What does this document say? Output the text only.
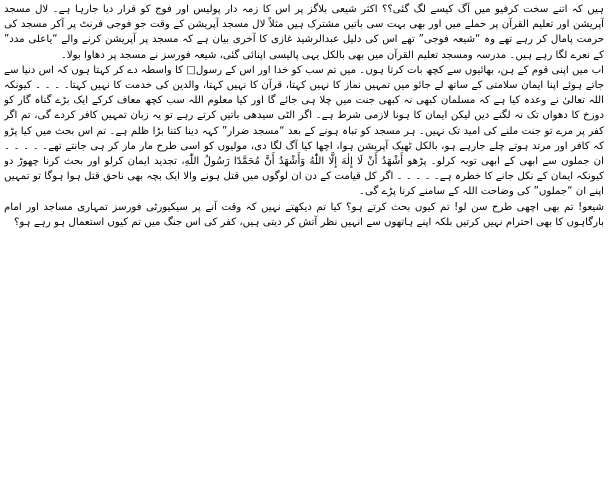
ہیں کہ اتنے سخت کرفیو میں آگ کیسے لگ گئی؟؟ اکثر شیعی بلاگز پر اس کا زمہ دار پولیس اور فوج کو قرار دیا جارہا ہے۔ لال مسجد آپریشن اور تعلیم القرآن پر حملے میں اور بھی بہت سی باتیں مشترک ہیں مثلاً لال مسجد آپریشن کے وقت جو فوجی فرنٹ پر آکر مسجد کی حرمت پامال کر رہے تھے وہ “شیعہ فوجی” تھے اس کی دلیل عبدالرشید غازی کا آخری بیان ہے کہ مسجد پر آپریشن کرنے والے “یاعلی مدد” کے نعرے لگا رہے ہیں۔ مدرسہ ومسجد تعلیم القرآن میں بھی بالکل یہی پالیسی اپنائی گئی، شیعہ فورسز نے مسجد پر دھاوا بولا۔

اب میں اپنی قوم کے ہن، بھائیوں سے کچھ بات کرتا ہوں۔ میں تم سب کو خدا اور اس کے رسول□ کا واسطہ دے کر کہتا ہوں کہ اس دنیا سے جاتے ہوئے اپنا ایمان سلامتی کے ساتھ لے جائو میں تمہیں نماز کا نہیں کہتا، قرآن کا نہیں کہتا، والدین کی خدمت کا نہیں کہتا۔ ۔ ۔ ۔ کیونکہ اللہ تعالیٰ نے وعدہ کیا ہے کہ مسلمان کبھی نہ کبھی جنت میں چلا ہی جائے گا اور کیا معلوم اللہ سب کچھ معاف کرکے ایک بڑے گناہ گار کو دوزخ کا دھواں تک نہ لگنے دیں لیکن ایمان کا ہونا لازمی شرط ہے۔ اگر الٹی سیدھی باتیں کرتے رہے تو یہ زبان تمہیں کافر کردے گی، تم اگر کفر پر مرے تو جنت ملنے کی امید تک نہیں۔ ہر مسجد کو تباہ ہونے کے بعد “مسجد ضرار” کہہ دینا کتنا بڑا ظلم ہے۔ تم اس بحث میں کیا پڑو کہ کافر اور مرتد ہوتے چلے جارہے ہو، بالکل ٹھیک آپریشن ہوا، اچھا کیا آگ لگا دی، مولیوں کو اسی طرح مار مار کر ہی جانتے تھے۔ ۔ ۔ ۔ ۔ ان جملوں سے ابھی کے ابھی توبہ کرلو۔ پڑھو أَشْهَدُ أَنْ لَا إِلٰهَ إِلَّا اللّٰهُ وَأَشْهَدُ أَنَّ مُحَمَّدًا رَسُولُ اللّٰهِ، تجدید ایمان کرلو اور بحث کرنا چھوڑ دو کیونکہ ایمان کے نکل جانے کا خطرہ ہے۔ ۔ ۔ ۔ ۔ اگر کل قیامت کے دن ان لوگوں میں قتل ہونے والا ایک بچہ بھی ناحق قتل ہوا ہوگا تو تمہیں اپنے ان “جملوں” کی وضاحت اللہ کے سامنے کرنا پڑے گی۔

شیعو! تم بھی اچھی طرح سن لو! تم کیوں بحث کرتے ہو؟ کیا تم دیکھتے نہیں کہ وقت آنے پر سیکیورٹی فورسز تمہاری مساجد اور امام بارگاہوں کا بھی احترام نہیں کرتیں بلکہ اپنے ہاتھوں سے انہیں نظر آتش کر دیتی ہیں، کفر کی اس جنگ میں تم کیوں استعمال ہو رہے ہو؟
